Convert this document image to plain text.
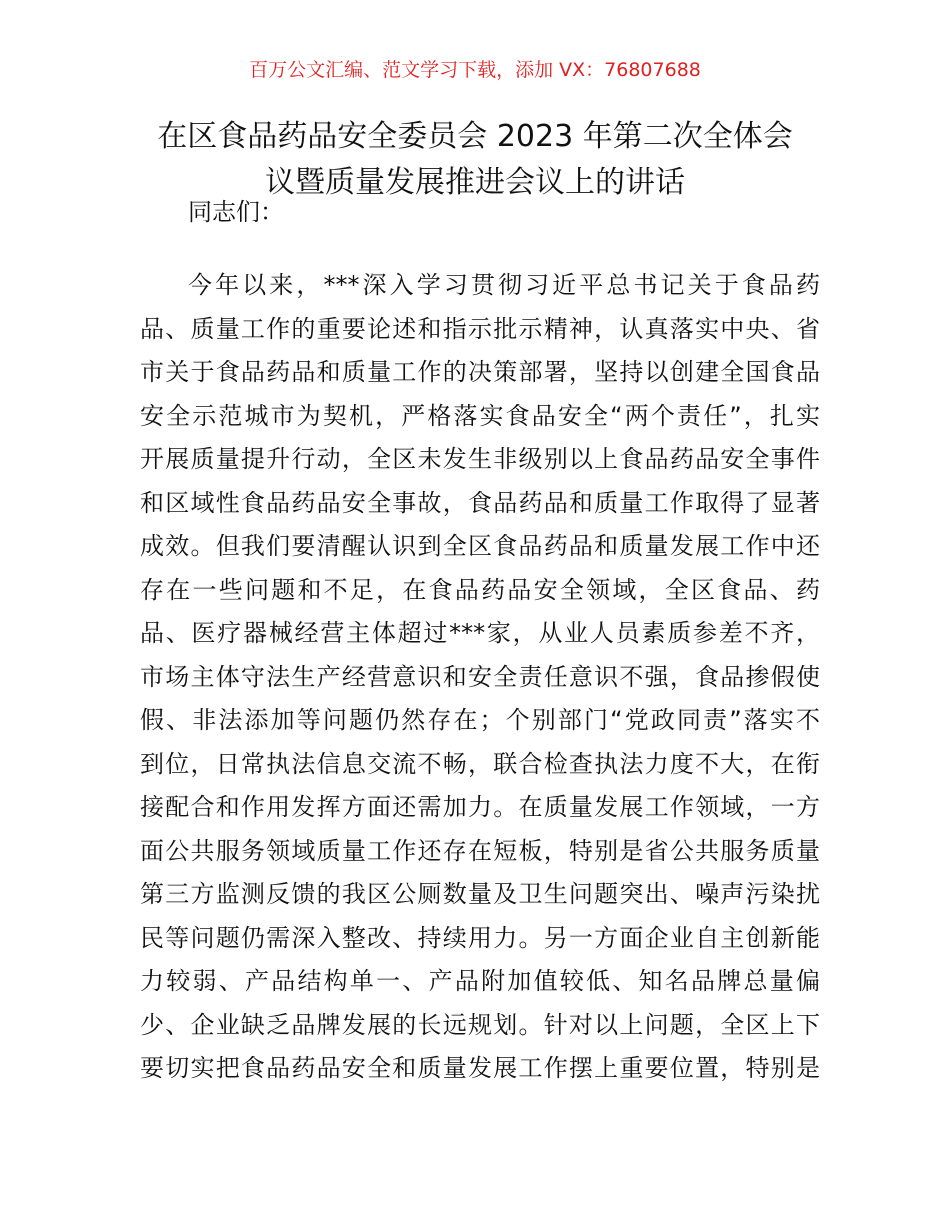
百万公文汇编、范文学习下载，添加 VX：76807688
在区食品药品安全委员会 2023 年第二次全体会
议暨质量发展推进会议上的讲话
同志们：
今年以来，***深入学习贯彻习近平总书记关于食品药
品、质量工作的重要论述和指示批示精神，认真落实中央、省
市关于食品药品和质量工作的决策部署，坚持以创建全国食品
安全示范城市为契机，严格落实食品安全“两个责任”，扎实
开展质量提升行动，全区未发生非级别以上食品药品安全事件
和区域性食品药品安全事故，食品药品和质量工作取得了显著
成效。但我们要清醒认识到全区食品药品和质量发展工作中还
存在一些问题和不足，在食品药品安全领域，全区食品、药
品、医疗器械经营主体超过***家，从业人员素质参差不齐，
市场主体守法生产经营意识和安全责任意识不强，食品掺假使
假、非法添加等问题仍然存在；个别部门“党政同责”落实不
到位，日常执法信息交流不畅，联合检查执法力度不大，在衔
接配合和作用发挥方面还需加力。在质量发展工作领域，一方
面公共服务领域质量工作还存在短板，特别是省公共服务质量
第三方监测反馈的我区公厕数量及卫生问题突出、噪声污染扰
民等问题仍需深入整改、持续用力。另一方面企业自主创新能
力较弱、产品结构单一、产品附加值较低、知名品牌总量偏
少、企业缺乏品牌发展的长远规划。针对以上问题，全区上下
要切实把食品药品安全和质量发展工作摆上重要位置，特别是
